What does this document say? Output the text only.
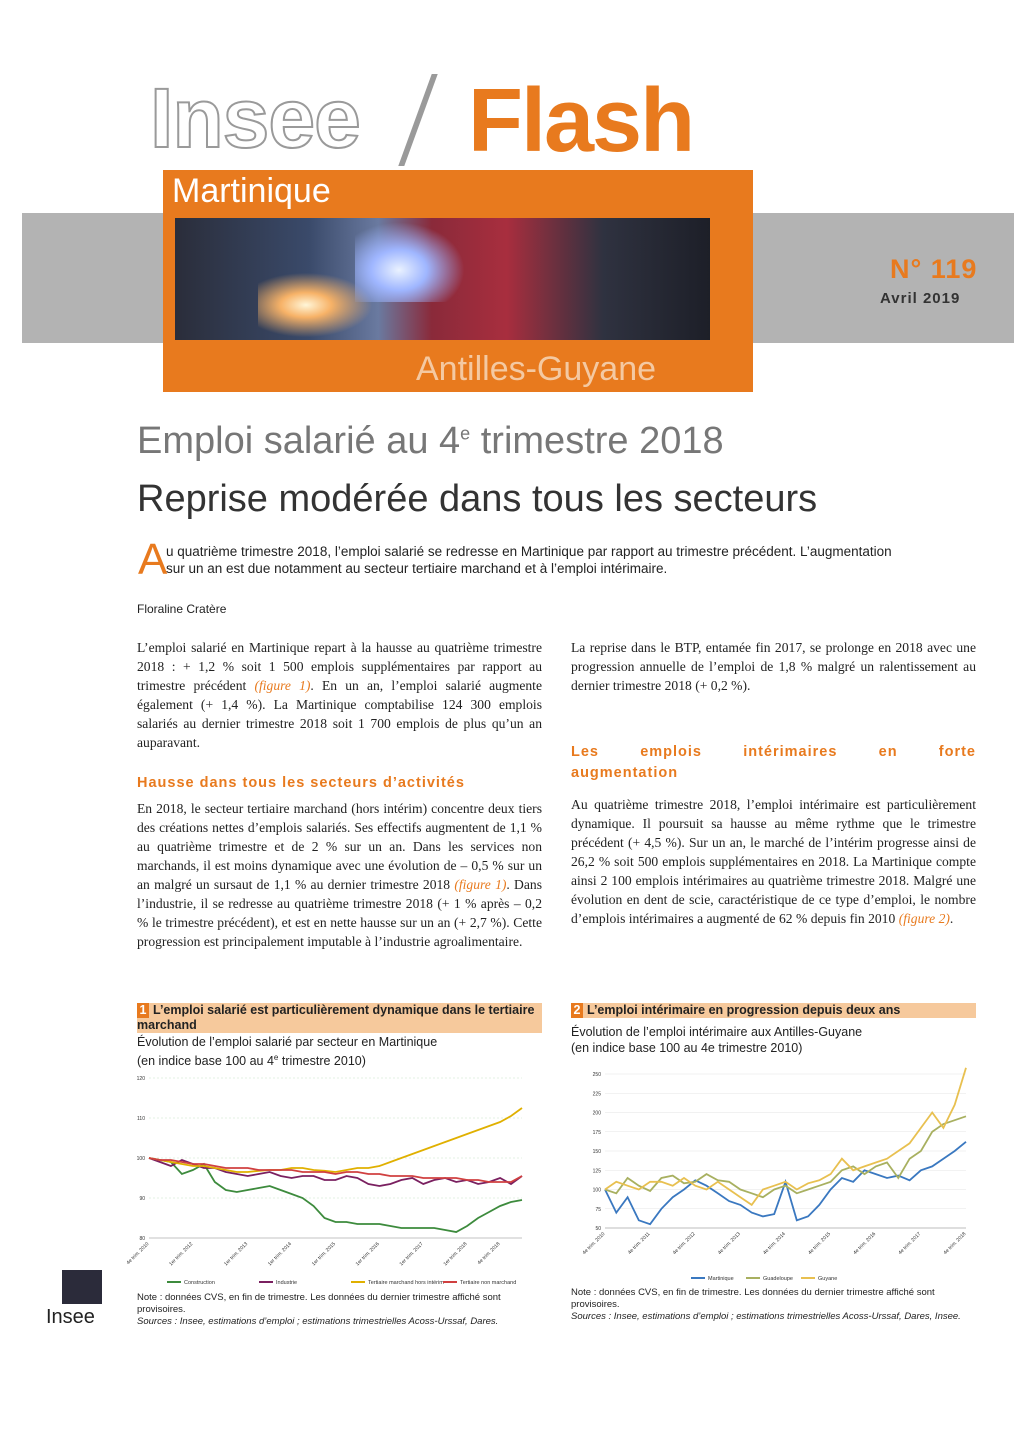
Insee Flash
Martinique
Antilles-Guyane
N° 119
Avril 2019
Emploi salarié au 4e trimestre 2018
Reprise modérée dans tous les secteurs
A
u quatrième trimestre 2018, l’emploi salarié se redresse en Martinique par rapport au trimestre précédent. L’augmentation sur un an est due notamment au secteur tertiaire marchand et à l’emploi intérimaire.
Floraline Cratère

L’emploi salarié en Martinique repart à la hausse au quatrième trimestre 2018 : + 1,2 % soit 1 500 emplois supplémentaires par rapport au trimestre précédent (figure 1). En un an, l’emploi salarié augmente également (+ 1,4 %). La Martinique comptabilise 124 300 emplois salariés au dernier trimestre 2018 soit 1 700 emplois de plus qu’un an auparavant.

Hausse dans tous les secteurs d’activités

En 2018, le secteur tertiaire marchand (hors intérim) concentre deux tiers des créations nettes d’emplois salariés. Ses effectifs augmentent de 1,1 % au quatrième trimestre et de 2 % sur un an. Dans les services non marchands, il est moins dynamique avec une évolution de – 0,5 % sur un an malgré un sursaut de 1,1 % au dernier trimestre 2018 (figure 1). Dans l’industrie, il se redresse au quatrième trimestre 2018 (+ 1 % après – 0,2 % le trimestre précédent), et est en nette hausse sur un an (+ 2,7 %). Cette progression est principalement imputable à l’industrie agroalimentaire.

La reprise dans le BTP, entamée fin 2017, se prolonge en 2018 avec une progression annuelle de l’emploi de 1,8 % malgré un ralentissement au dernier trimestre 2018 (+ 0,2 %).

Les emplois intérimaires en forte
augmentation

Au quatrième trimestre 2018, l’emploi intérimaire est particulièrement dynamique. Il poursuit sa hausse au même rythme que le trimestre précédent (+ 4,5 %). Sur un an, le marché de l’intérim progresse ainsi de 26,2 % soit 500 emplois supplémentaires en 2018. La Martinique compte ainsi 2 100 emplois intérimaires au quatrième trimestre 2018. Malgré une évolution en dent de scie, caractéristique de ce type d’emploi, le nombre d’emplois intérimaires a augmenté de 62 % depuis fin 2010 (figure 2).

1 L’emploi salarié est particulièrement dynamique dans le tertiaire marchand
Évolution de l’emploi salarié par secteur en Martinique
(en indice base 100 au 4e trimestre 2010)
80
90
100
110
120
4e trim. 2010	1er trim. 2012	1er trim. 2013	1er trim. 2014	1er trim. 2015	1er trim. 2016	1er trim. 2017	1er trim. 2018 4e trim. 2018
Construction	Industrie	Tertiaire marchand hors intérim	Tertiaire non marchand
Note : données CVS, en fin de trimestre. Les données du dernier trimestre affiché sont provisoires.
Sources : Insee, estimations d’emploi ; estimations trimestrielles Acoss-Urssaf, Dares.
2 L’emploi intérimaire en progression depuis deux ans
Évolution de l’emploi intérimaire aux Antilles-Guyane
(en indice base 100 au 4e trimestre 2010)
50
75
100
125
150
175
200
225
250
4e trim. 2010	4e trim. 2011	4e trim. 2012	4e trim. 2013	4e trim. 2014	4e trim. 2015	4e trim. 2016	4e trim. 2017	4e trim. 2018
Martinique	Guadeloupe	Guyane
Note : données CVS, en fin de trimestre. Les données du dernier trimestre affiché sont provisoires.
Sources : Insee, estimations d’emploi ; estimations trimestrielles Acoss-Urssaf, Dares, Insee.
Insee
